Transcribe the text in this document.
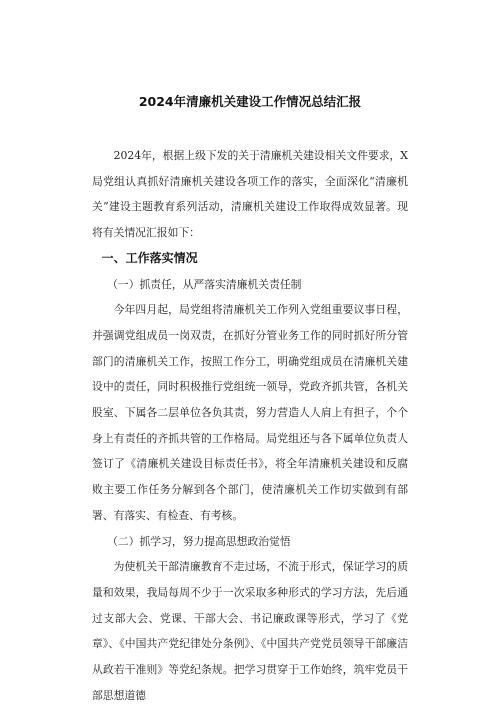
2024年清廉机关建设工作情况总结汇报

2024年，根据上级下发的关于清廉机关建设相关文件要求，X局党组认真抓好清廉机关建设各项工作的落实，全面深化“清廉机关”建设主题教育系列活动，清廉机关建设工作取得成效显著。现将有关情况汇报如下：

一、工作落实情况

（一）抓责任，从严落实清廉机关责任制

今年四月起，局党组将清廉机关工作列入党组重要议事日程，并强调党组成员一岗双责，在抓好分管业务工作的同时抓好所分管部门的清廉机关工作，按照工作分工，明确党组成员在清廉机关建设中的责任，同时积极推行党组统一领导，党政齐抓共管，各机关股室、下属各二层单位各负其责，努力营造人人肩上有担子，个个身上有责任的齐抓共管的工作格局。局党组还与各下属单位负责人签订了《清廉机关建设目标责任书》，将全年清廉机关建设和反腐败主要工作任务分解到各个部门，使清廉机关工作切实做到有部署、有落实、有检查、有考核。

（二）抓学习，努力提高思想政治觉悟

为使机关干部清廉教育不走过场，不流于形式，保证学习的质量和效果，我局每周不少于一次采取多种形式的学习方法，先后通过支部大会、党课、干部大会、书记廉政课等形式，学习了《党章》、《中国共产党纪律处分条例》、《中国共产党党员领导干部廉洁从政若干准则》等党纪条规。把学习贯穿于工作始终，筑牢党员干部思想道德
